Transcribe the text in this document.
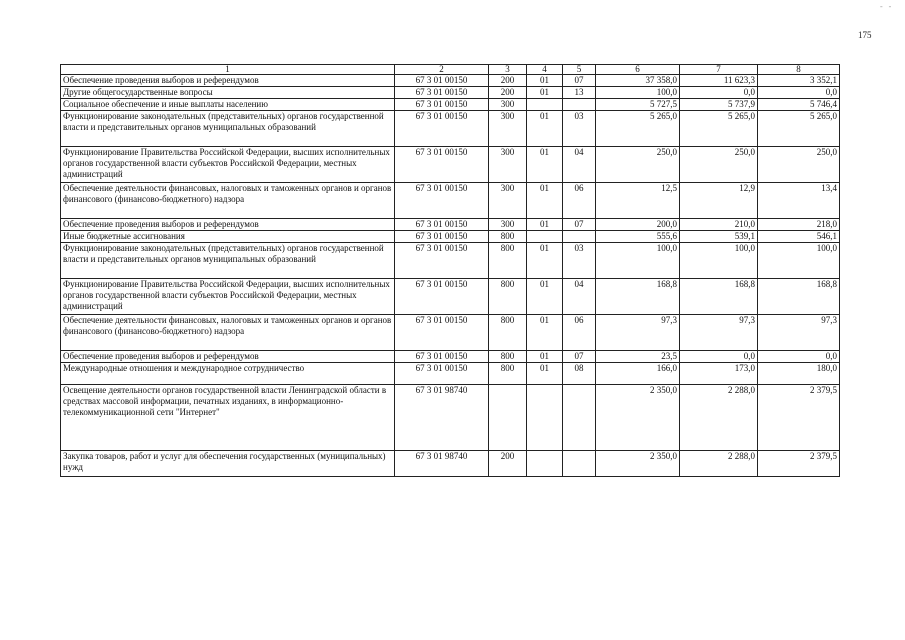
175
- -
1	2	3	4	5	6	7	8
Обеспечение проведения выборов и референдумов	67 3 01 00150	200	01	07	37 358,0	11 623,3	3 352,1
Другие общегосударственные вопросы	67 3 01 00150	200	01	13	100,0	0,0	0,0
Социальное обеспечение и иные выплаты населению	67 3 01 00150	300			5 727,5	5 737,9	5 746,4
Функционирование законодательных (представительных) органов государственной власти и представительных органов муниципальных образований	67 3 01 00150	300	01	03	5 265,0	5 265,0	5 265,0
Функционирование Правительства Российской Федерации, высших исполнительных органов государственной власти субъектов Российской Федерации, местных администраций	67 3 01 00150	300	01	04	250,0	250,0	250,0
Обеспечение деятельности финансовых, налоговых и таможенных органов и органов финансового (финансово-бюджетного) надзора	67 3 01 00150	300	01	06	12,5	12,9	13,4
Обеспечение проведения выборов и референдумов	67 3 01 00150	300	01	07	200,0	210,0	218,0
Иные бюджетные ассигнования	67 3 01 00150	800			555,6	539,1	546,1
Функционирование законодательных (представительных) органов государственной власти и представительных органов муниципальных образований	67 3 01 00150	800	01	03	100,0	100,0	100,0
Функционирование Правительства Российской Федерации, высших исполнительных органов государственной власти субъектов Российской Федерации, местных администраций	67 3 01 00150	800	01	04	168,8	168,8	168,8
Обеспечение деятельности финансовых, налоговых и таможенных органов и органов финансового (финансово-бюджетного) надзора	67 3 01 00150	800	01	06	97,3	97,3	97,3
Обеспечение проведения выборов и референдумов	67 3 01 00150	800	01	07	23,5	0,0	0,0
Международные отношения и международное сотрудничество	67 3 01 00150	800	01	08	166,0	173,0	180,0
Освещение деятельности органов государственной власти Ленинградской области в средствах массовой информации, печатных изданиях, в информационно-телекоммуникационной сети "Интернет"	67 3 01 98740				2 350,0	2 288,0	2 379,5
Закупка товаров, работ и услуг для обеспечения государственных (муниципальных) нужд	67 3 01 98740	200			2 350,0	2 288,0	2 379,5
